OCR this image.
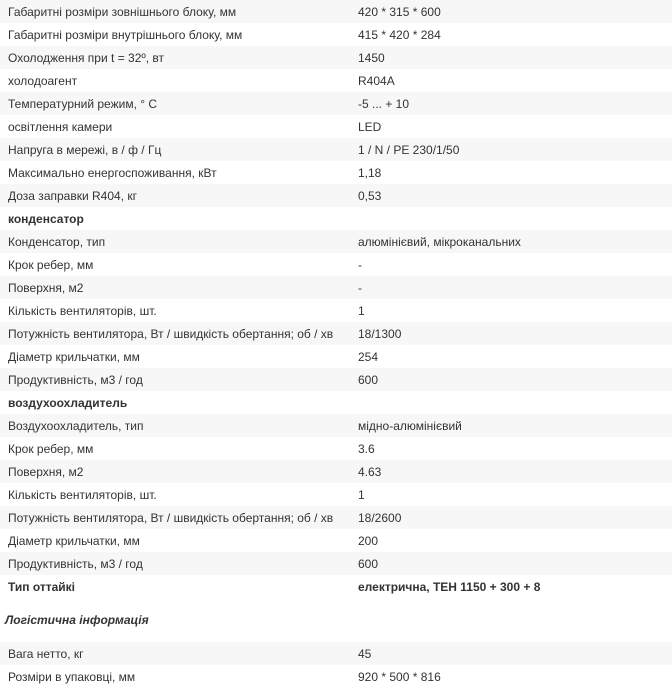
Габаритні розміри зовнішнього блоку, мм	420 * 315 * 600
Габаритні розміри внутрішнього блоку, мм	415 * 420 * 284
Охолодження при t = 32º, вт	1450
холодоагент	R404A
Температурний режим, ° С	-5 ... + 10
освітлення камери	LED
Напруга в мережі, в / ф / Гц	1 / N / PE 230/1/50
Максимально енергоспоживання, кВт	1,18
Доза заправки R404, кг	0,53
конденсатор	
Конденсатор, тип	алюмінієвий, мікроканальних
Крок ребер, мм	-
Поверхня, м2	-
Кількість вентиляторів, шт.	1
Потужність вентилятора, Вт / швидкість обертання; об / хв	18/1300
Діаметр крильчатки, мм	254
Продуктивність, м3 / год	600
воздухоохладитель	
Воздухоохладитель, тип	мідно-алюмінієвий
Крок ребер, мм	3.6
Поверхня, м2	4.63
Кількість вентиляторів, шт.	1
Потужність вентилятора, Вт / швидкість обертання; об / хв	18/2600
Діаметр крильчатки, мм	200
Продуктивність, м3 / год	600
Тип оттайкі	електрична, ТЕН 1150 + 300 + 8
Логістична інформація
Вага нетто, кг	45
Розміри в упаковці, мм	920 * 500 * 816
